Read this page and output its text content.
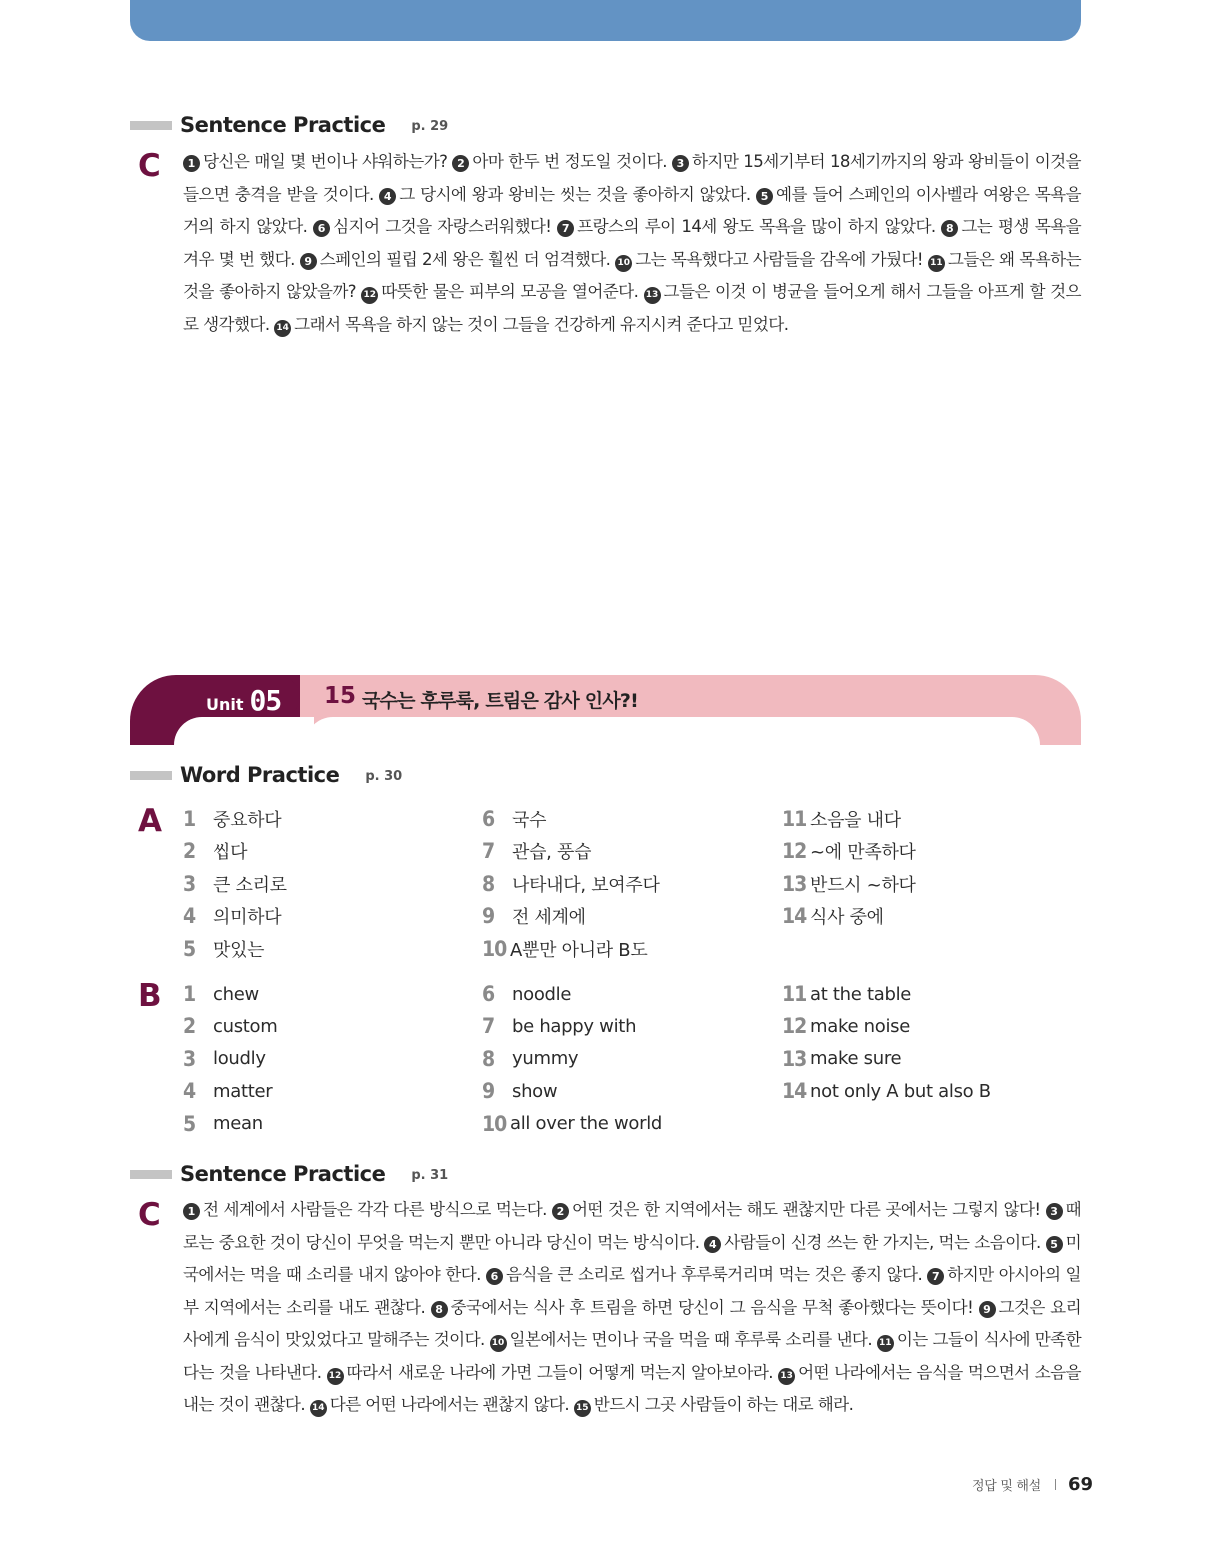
Sentence Practice p. 29
C	1 당신은 매일 몇 번이나 샤워하는가? 2 아마 한두 번 정도일 것이다. 3 하지만 15세기부터 18세기까지의 왕과 왕비들이 이것을 들으면 충격을 받을 것이다. 4 그 당시에 왕과 왕비는 씻는 것을 좋아하지 않았다. 5 예를 들어 스페인의 이사벨라 여왕은 목욕을 거의 하지 않았다. 6 심지어 그것을 자랑스러워했다! 7 프랑스의 루이 14세 왕도 목욕을 많이 하지 않았다. 8 그는 평생 목욕을 겨우 몇 번 했다. 9 스페인의 필립 2세 왕은 훨씬 더 엄격했다. 10 그는 목욕했다고 사람들을 감옥에 가뒀다! 11 그들은 왜 목욕하는 것을 좋아하지 않았을까? 12 따뜻한 물은 피부의 모공을 열어준다. 13 그들은 이것 이 병균을 들어오게 해서 그들을 아프게 할 것으로 생각했다. 14 그래서 목욕을 하지 않는 것이 그들을 건강하게 유지시켜 준다고 믿었다.
Unit 05 15 국수는 후루룩, 트림은 감사 인사?!
Word Practice p. 30
A 1 중요하다
2 씹다
3 큰 소리로
4 의미하다
5 맛있는
6 국수
7 관습, 풍습
8 나타내다, 보여주다
9 전 세계에
10 A뿐만 아니라 B도
11 소음을 내다
12 ~에 만족하다
13 반드시 ~하다
14 식사 중에
B 1 chew
2 custom
3 loudly
4 matter
5 mean
6 noodle
7 be happy with
8 yummy
9 show
10 all over the world
11 at the table
12 make noise
13 make sure
14 not only A but also B
Sentence Practice p. 31
C	1 전 세계에서 사람들은 각각 다른 방식으로 먹는다. 2 어떤 것은 한 지역에서는 해도 괜찮지만 다른 곳에서는 그렇지 않다! 3 때로는 중요한 것이 당신이 무엇을 먹는지 뿐만 아니라 당신이 먹는 방식이다. 4 사람들이 신경 쓰는 한 가지는, 먹는 소음이다. 5 미국에서는 먹을 때 소리를 내지 않아야 한다. 6 음식을 큰 소리로 씹거나 후루룩거리며 먹는 것은 좋지 않다. 7 하지만 아시아의 일부 지역에서는 소리를 내도 괜찮다. 8 중국에서는 식사 후 트림을 하면 당신이 그 음식을 무척 좋아했다는 뜻이다! 9 그것은 요리사에게 음식이 맛있었다고 말해주는 것이다. 10 일본에서는 면이나 국을 먹을 때 후루룩 소리를 낸다. 11 이는 그들이 식사에 만족한다는 것을 나타낸다. 12 따라서 새로운 나라에 가면 그들이 어떻게 먹는지 알아보아라. 13 어떤 나라에서는 음식을 먹으면서 소음을 내는 것이 괜찮다. 14 다른 어떤 나라에서는 괜찮지 않다. 15 반드시 그곳 사람들이 하는 대로 해라.
정답 및 해설 69
